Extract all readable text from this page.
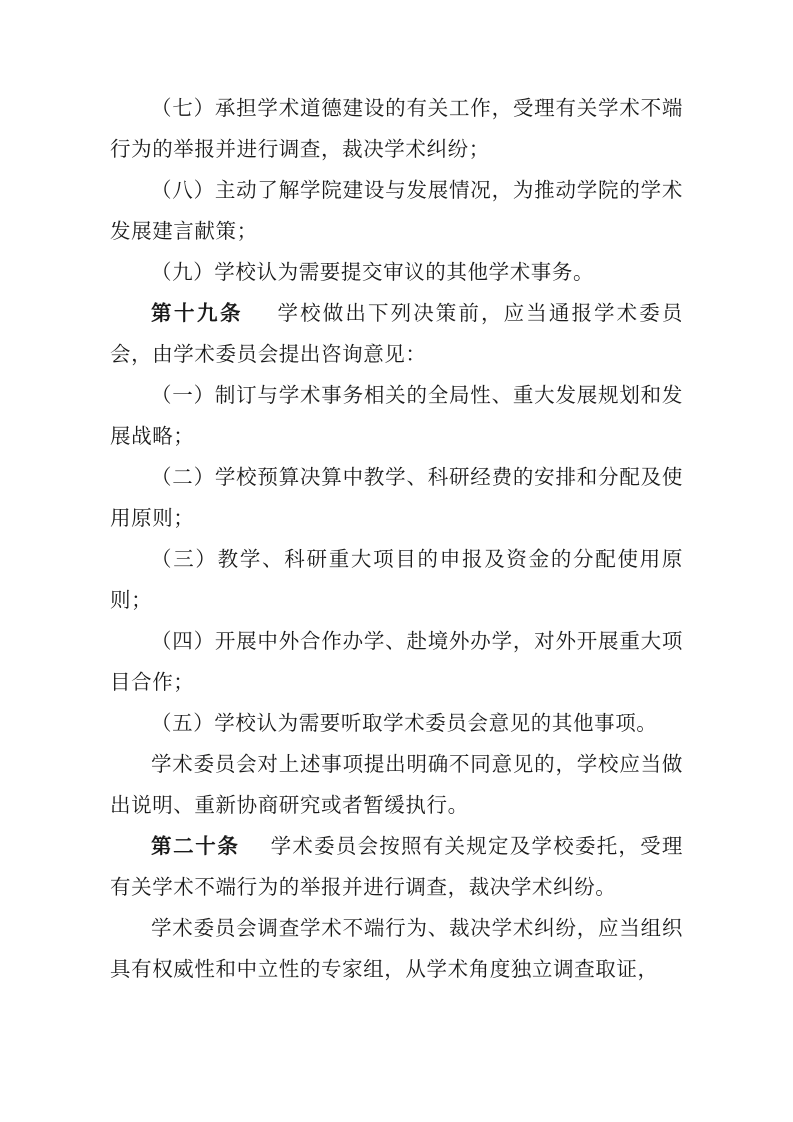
（七）承担学术道德建设的有关工作，受理有关学术不端行为的举报并进行调查，裁决学术纠纷；

（八）主动了解学院建设与发展情况，为推动学院的学术发展建言献策；

（九）学校认为需要提交审议的其他学术事务。

第十九条 学校做出下列决策前，应当通报学术委员会，由学术委员会提出咨询意见：

（一）制订与学术事务相关的全局性、重大发展规划和发展战略；

（二）学校预算决算中教学、科研经费的安排和分配及使用原则；

（三）教学、科研重大项目的申报及资金的分配使用原则；

（四）开展中外合作办学、赴境外办学，对外开展重大项目合作；

（五）学校认为需要听取学术委员会意见的其他事项。

学术委员会对上述事项提出明确不同意见的，学校应当做出说明、重新协商研究或者暂缓执行。

第二十条 学术委员会按照有关规定及学校委托，受理有关学术不端行为的举报并进行调查，裁决学术纠纷。

学术委员会调查学术不端行为、裁决学术纠纷，应当组织具有权威性和中立性的专家组，从学术角度独立调查取证，
